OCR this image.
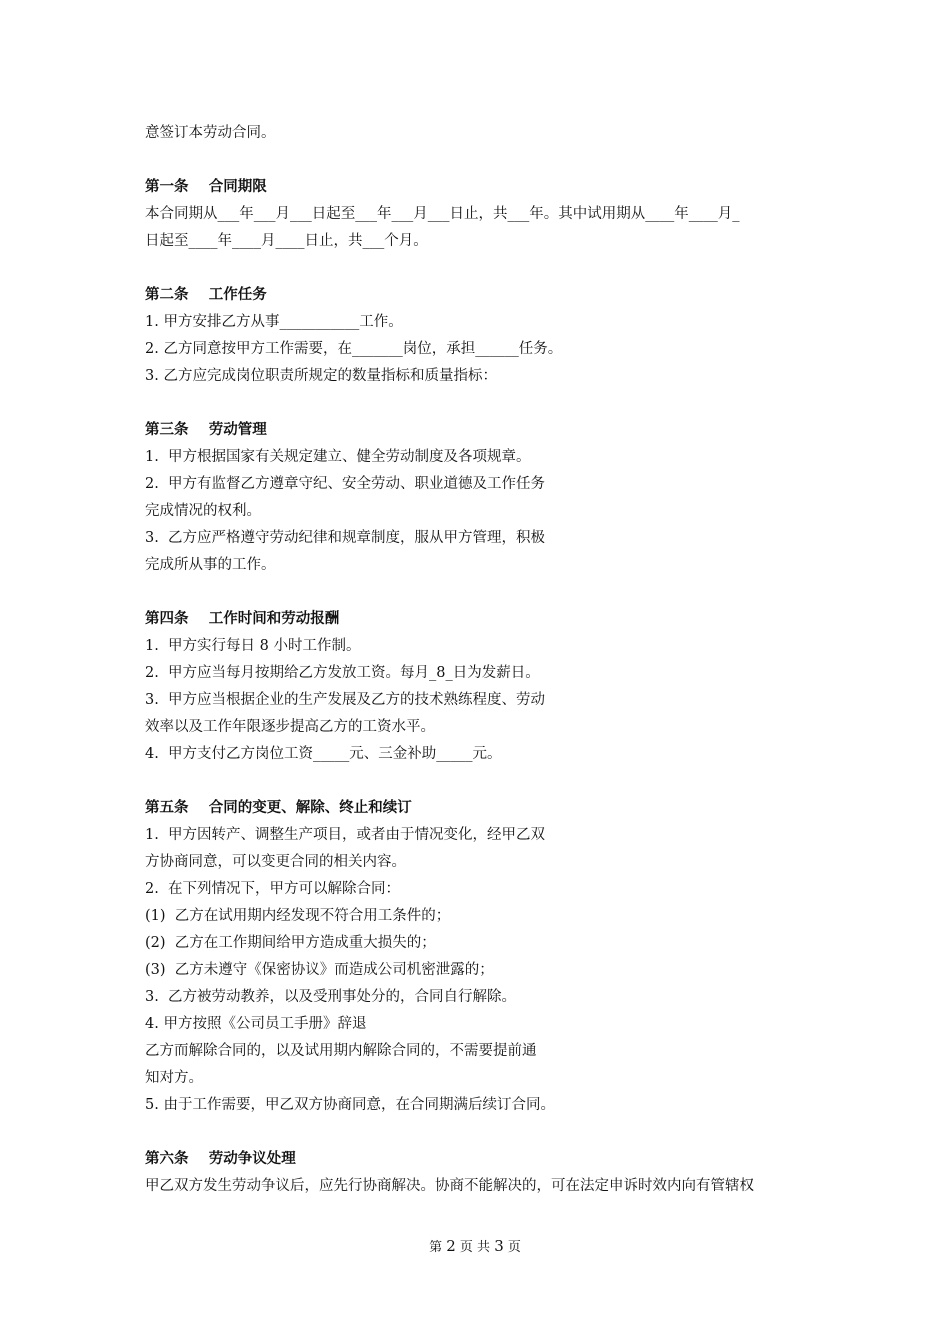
意签订本劳动合同。
第一条    合同期限
本合同期从___年___月___日起至___年___月___日止，共___年。其中试用期从____年____月_
日起至____年____月____日止，共___个月。
第二条    工作任务
1. 甲方安排乙方从事___________工作。
2. 乙方同意按甲方工作需要，在_______岗位，承担______任务。
3. 乙方应完成岗位职责所规定的数量指标和质量指标：
第三条    劳动管理
1.  甲方根据国家有关规定建立、健全劳动制度及各项规章。
2.  甲方有监督乙方遵章守纪、安全劳动、职业道德及工作任务
完成情况的权利。
3.  乙方应严格遵守劳动纪律和规章制度，服从甲方管理，积极
完成所从事的工作。
第四条    工作时间和劳动报酬
1.  甲方实行每日 8 小时工作制。
2.  甲方应当每月按期给乙方发放工资。每月_8_日为发薪日。
3.  甲方应当根据企业的生产发展及乙方的技术熟练程度、劳动
效率以及工作年限逐步提高乙方的工资水平。
4.  甲方支付乙方岗位工资_____元、三金补助_____元。
第五条    合同的变更、解除、终止和续订
1.  甲方因转产、调整生产项目，或者由于情况变化，经甲乙双
方协商同意，可以变更合同的相关内容。
2.  在下列情况下，甲方可以解除合同：
(1)  乙方在试用期内经发现不符合用工条件的；
(2)  乙方在工作期间给甲方造成重大损失的；
(3)  乙方未遵守《保密协议》而造成公司机密泄露的；
3.  乙方被劳动教养，以及受刑事处分的，合同自行解除。
4. 甲方按照《公司员工手册》辞退
乙方而解除合同的，以及试用期内解除合同的，不需要提前通
知对方。
5. 由于工作需要，甲乙双方协商同意，在合同期满后续订合同。
第六条    劳动争议处理
甲乙双方发生劳动争议后，应先行协商解决。协商不能解决的，可在法定申诉时效内向有管辖权
第 2 页 共 3 页
